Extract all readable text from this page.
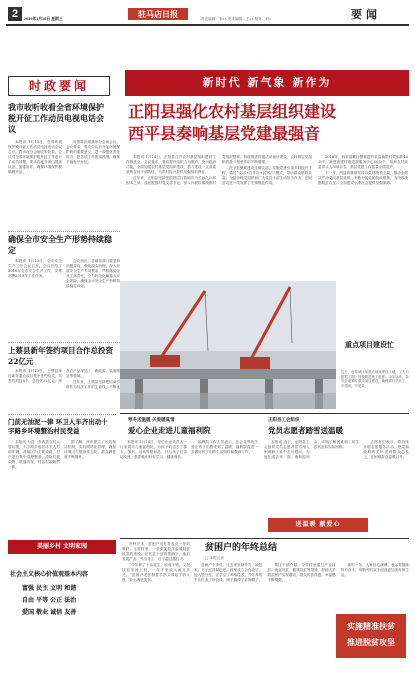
2	驻马店日报
2019年1月16日 星期三	责任编辑：李×× 美术编辑：王×× 校对：刘×	要闻
时政要闻
我市收听收看全省环境保护税开征工作动员电视电话会议

本报讯 1月15日，全省环境保护税开征工作动员电视电话会议召开。我市在分会场收听收看。会议对全省环境保护税开征工作进行了动员部署，要求各地各部门提高认识，加强协作，确保环境保护税顺利开征。

市领导出席我市分会场会议。会议要求，要充分认识开征环境保护税的重要意义，进一步强化责任担当，把各项工作抓实抓细，确保平稳有序开征。

确保全市安全生产形势持续稳定

本报讯 1月15日，全市安全生产工作会议召开。会议总结了2018年全市安全生产工作，安排部署2019年工作任务。

会议指出，各地各部门要坚持问题导向，强化源头治理，深入开展安全生产专项整治，严格落实企业主体责任，全力防范化解重大安全风险，确保全市安全生产形势持续稳定向好。

上蔡县新年签约项目合作总投资22亿元

本报讯 1月13日，上蔡县举行新年重点项目集中签约仪式，共签约项目8个，总投资22亿元，涉及农产品深加工、新能源、装备制造等领域。

近年来，上蔡县坚持把招商引资作为经济工作的生命线，不断优

新时代 新气象 新作为
正阳县强化农村基层组织建设
西平县奏响基层党建最强音

本报讯 1月14日，正阳县召开农村基层组织建设工作推进会。会议要求，要以提升组织力为重点，突出政治功能，全面加强农村基层党组织建设，着力建设一支高素质的农村干部队伍，为乡村振兴提供坚强组织保证。

近年来，正阳县坚持把抓基层打基础作为长远之计和固本之举，选优配强村党支部书记，深入开展软弱涣散村党组织整顿，持续推进村级活动场所建设，农村基层党组织的战斗堡垒作用不断增强。

西平县聚焦建设过硬支部，实施党建引领乡村振兴工程，通过“支部+合作社+贫困户”模式，带动群众增收致富。全县各级党组织和广大党员干部主动担当作为，在脱贫攻坚一线发挥了先锋模范作用。

2018年，西平县累计整顿提升软弱涣散村党组织40余个，新建改建村级党群服务中心50余个，培养农村致富带头人300余名，基层党建工作质量全面提升。

下一步，两县将继续坚持以党建统领全局，推动全面从严治党向基层延伸，不断夯实党的执政根基，为决战决胜脱贫攻坚、全面建成小康社会提供坚强保障。

重点项目建设忙
近日，在驿城区某重点项目建设工地，工人们抢抓工期，加快推进施工进度。今年以来，我市各地紧盯重点项目建设，确保项目早开工、早建成、早见效。
寒冬送温暖 关爱暖真情
爱心企业走进儿童福利院

本报讯 1月14日，爱心企业负责人一行来到市儿童福利院，为孩子们送去了棉衣、图书、玩具等慰问品，并与孩子们亲切交流，鼓励他们好好学习、健康成长。

福利院工作人员表示，社会各界的关爱让孩子们感受到了温暖，福利院将进一步做好孩子们的生活照料和教育工作。

正阳县工会组织
党员志愿者踏雪送温暖

本报讯 近日，正阳县工会组织党员志愿者冒雪深入困难职工家中走访慰问，为他们送去米、面、油和慰问金，详细了解困难职工的生活状况和实际困难。

志愿者们表示，将持续开展志愿服务活动，把党和政府的关怀送到群众心坎上，让困难群众温暖过冬。

送温暖 献爱心
门前无油泥一律 环卫人车齐出动十字路乡环境整治村民受益

本报讯 为进一步改善农村人居环境，十字路乡组织环卫人员和车辆，对辖区内主要道路、村庄进行集中清理整治，清除垃圾杂物，疏通沟渠，村容村貌焕然一新。

据了解，该乡建立了长效保洁机制，实行网格化管理，确保环境卫生整治常态化，群众满意度不断提升。

美丽乡村 文明家园
社会主义核心价值观基本内容
富强 民主 文明 和谐
自由 平等 公正 法治
爱国 敬业 诚信 友善

年终岁末，贫困户们忙着盘点一年的收获。走进村里，一张张笑脸洋溢着脱贫致富的喜悦。在扶贫干部的帮助下，他们发展产业、外出务工，日子越过越红火。

“今年种了十亩花生，收成不错，又在扶贫车间上班，一年下来收入两万多元。”贫困户老张掰着手指头算起了收入账，脸上满是笑容。

贫困户的年终总结
□ 本报记者

贫困户小李说，过去家里缺劳力、缺技术，日子过得紧巴巴。村里成立合作社后，他入股分红，还学会了养殖技术，今年养的牛出栏卖了好价钱，终于摘掉了贫困帽子。

帮扶干部介绍，今年村里通过产业扶贫、就业扶贫、健康扶贫等措施，帮助大多数贫困户实现增收，群众的获得感、幸福感不断增强。

新的一年，大家信心满满，表示要继续努力奋斗，用勤劳的双手创造更加美好的生活。

实施精准扶贫
推进脱贫攻坚
